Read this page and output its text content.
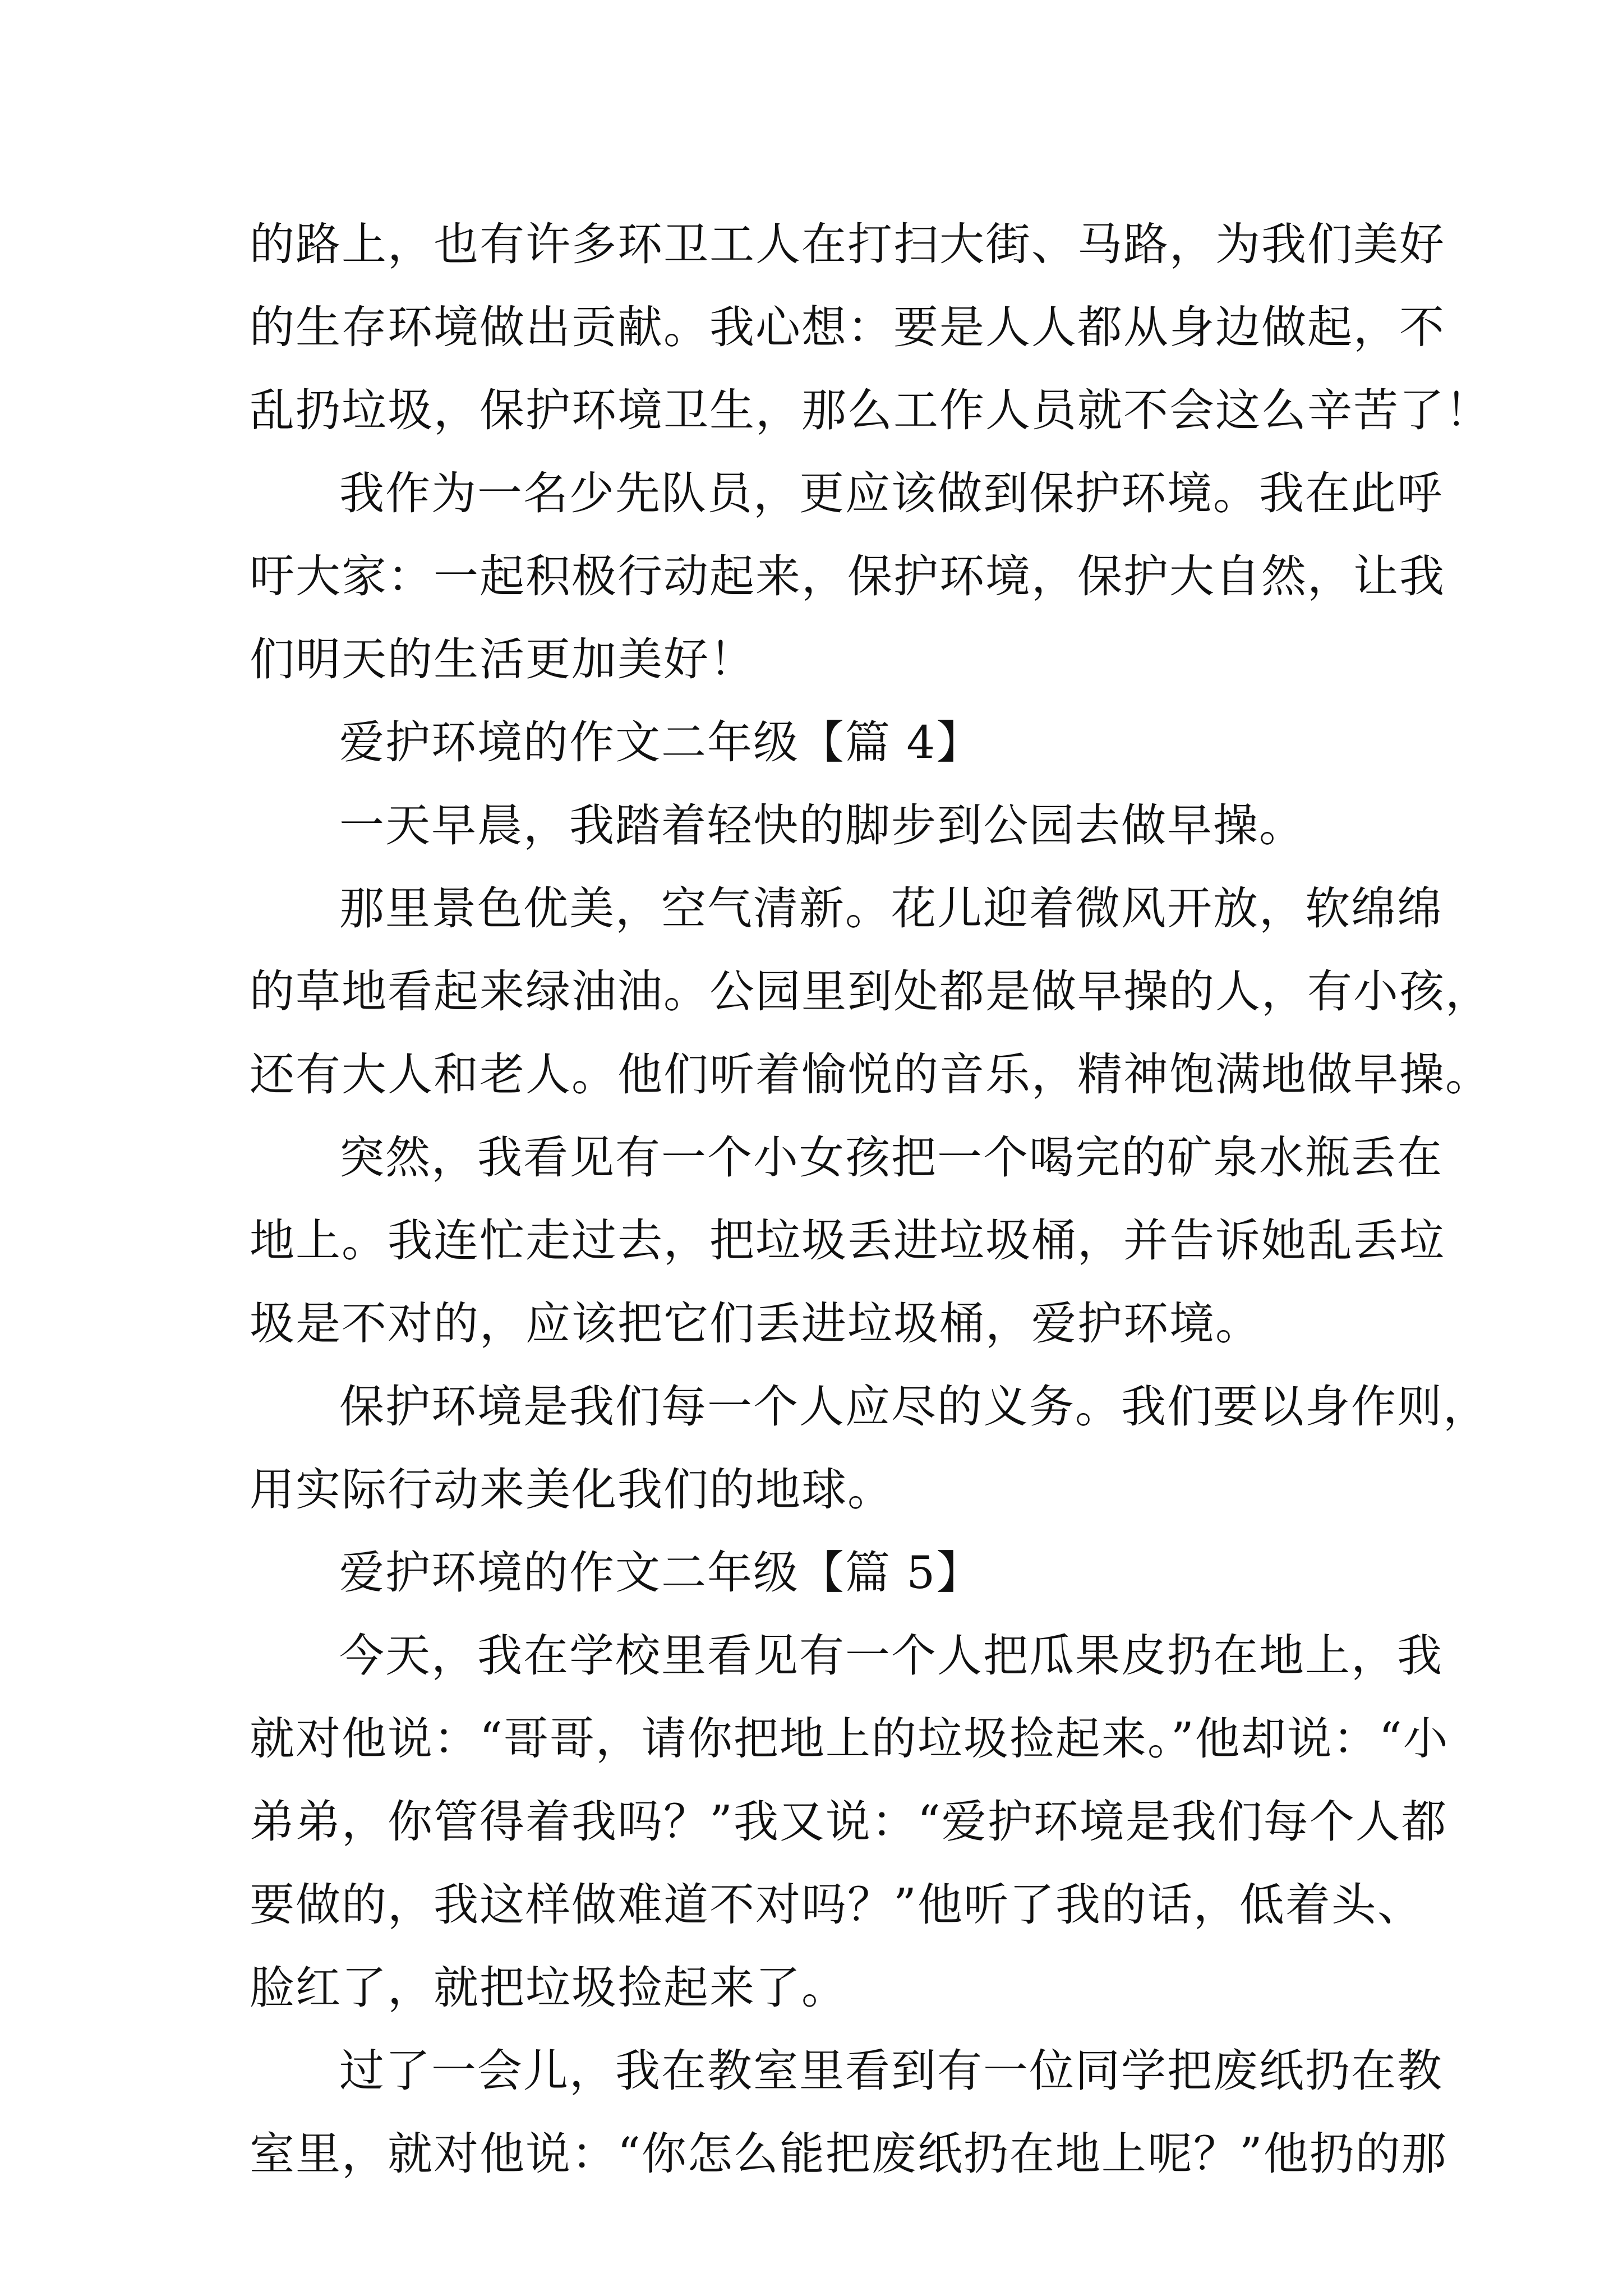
的路上，也有许多环卫工人在打扫大街、马路，为我们美好
的生存环境做出贡献。我心想：要是人人都从身边做起，不
乱扔垃圾，保护环境卫生，那么工作人员就不会这么辛苦了！
我作为一名少先队员，更应该做到保护环境。我在此呼
吁大家：一起积极行动起来，保护环境，保护大自然，让我
们明天的生活更加美好！
爱护环境的作文二年级【篇 4】
一天早晨，我踏着轻快的脚步到公园去做早操。
那里景色优美，空气清新。花儿迎着微风开放，软绵绵
的草地看起来绿油油。公园里到处都是做早操的人，有小孩，
还有大人和老人。他们听着愉悦的音乐，精神饱满地做早操。
突然，我看见有一个小女孩把一个喝完的矿泉水瓶丢在
地上。我连忙走过去，把垃圾丢进垃圾桶，并告诉她乱丢垃
圾是不对的，应该把它们丢进垃圾桶，爱护环境。
保护环境是我们每一个人应尽的义务。我们要以身作则，
用实际行动来美化我们的地球。
爱护环境的作文二年级【篇 5】
今天，我在学校里看见有一个人把瓜果皮扔在地上，我
就对他说：“哥哥，请你把地上的垃圾捡起来。”他却说：“小
弟弟，你管得着我吗？”我又说：“爱护环境是我们每个人都
要做的，我这样做难道不对吗？”他听了我的话，低着头、
脸红了，就把垃圾捡起来了。
过了一会儿，我在教室里看到有一位同学把废纸扔在教
室里，就对他说：“你怎么能把废纸扔在地上呢？”他扔的那
